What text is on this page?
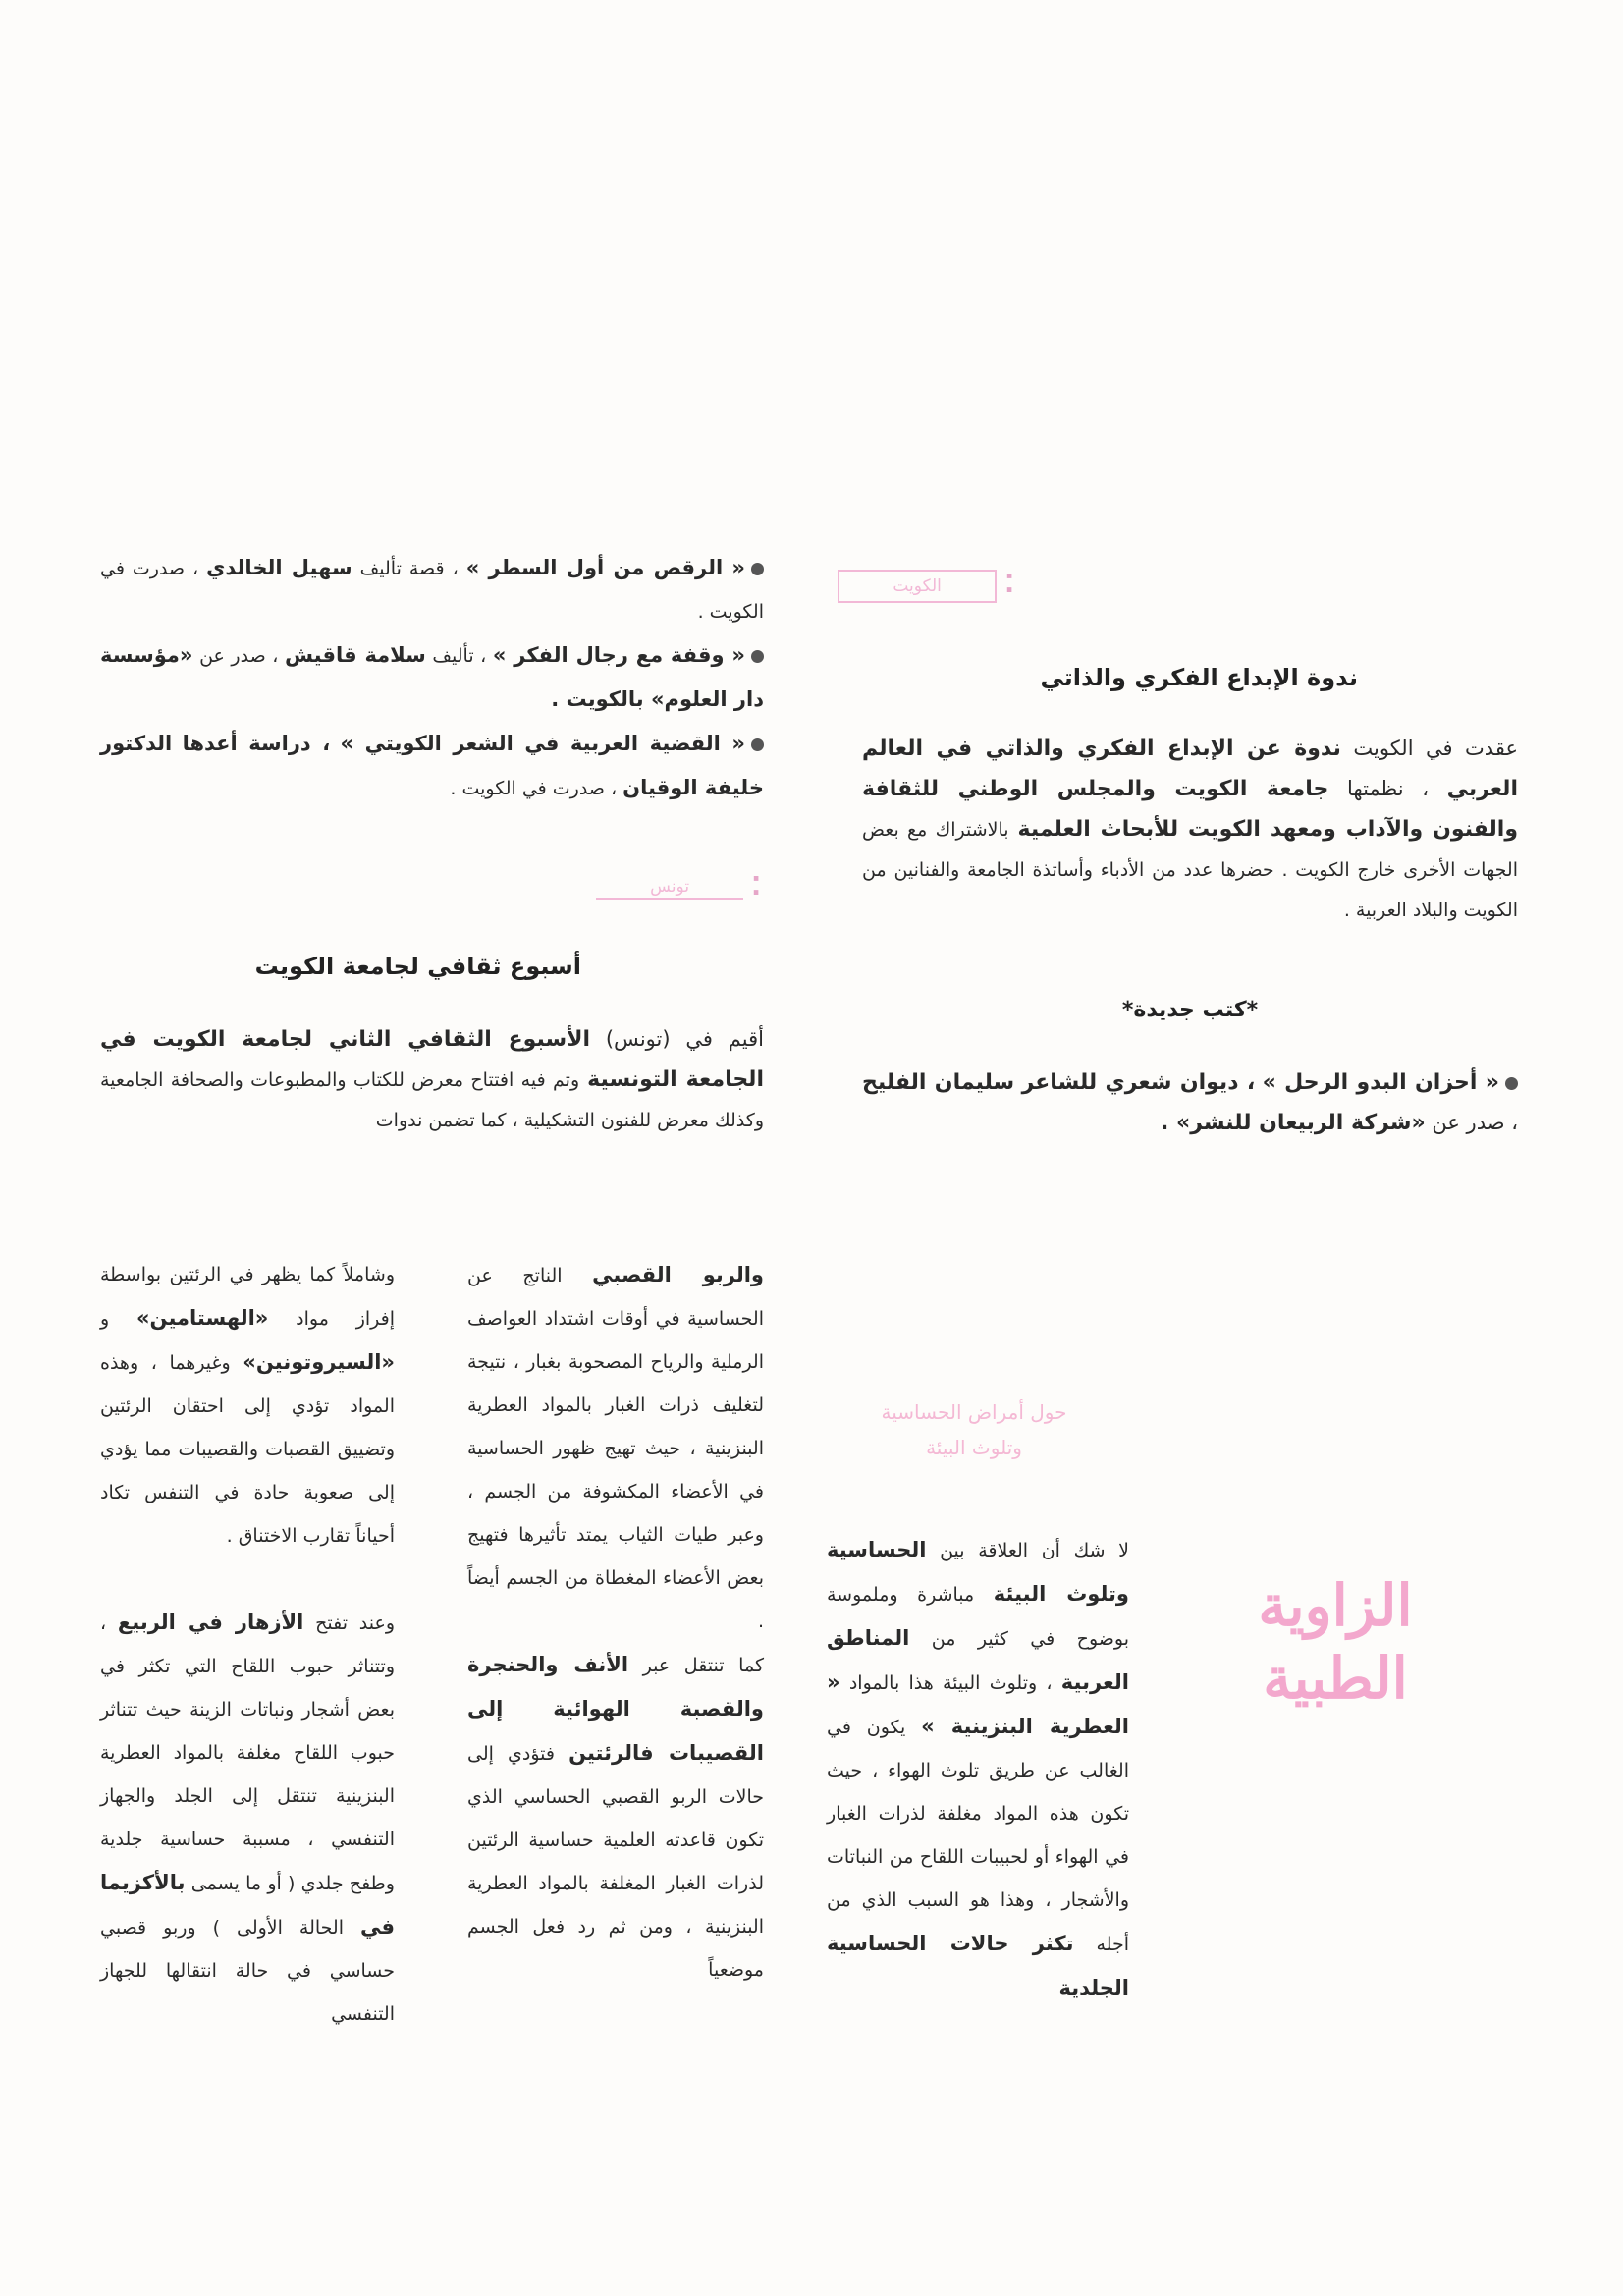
⁚
الكويت
ندوة الإبداع الفكري والذاتي

عقدت في الكويت ندوة عن الإبداع الفكري والذاتي في العالم العربي ، نظمتها جامعة الكويت والمجلس الوطني للثقافة والفنون والآداب ومعهد الكويت للأبحاث العلمية بالاشتراك مع بعض الجهات الأخرى خارج الكويت . حضرها عدد من الأدباء وأساتذة الجامعة والفنانين من الكويت والبلاد العربية .

*كتب جديدة*

« أحزان البدو الرحل » ، ديوان شعري للشاعر سليمان الفليح ، صدر عن «شركة الربيعان للنشر» .

« الرقص من أول السطر » ، قصة تأليف سهيل الخالدي ، صدرت في الكويت .

« وقفة مع رجال الفكر » ، تأليف سلامة قاقيش ، صدر عن «مؤسسة دار العلوم» بالكويت .

« القضية العربية في الشعر الكويتي » ، دراسة أعدها الدكتور خليفة الوقيان ، صدرت في الكويت .

⁚
تونس
أسبوع ثقافي لجامعة الكويت

أقيم في (تونس) الأسبوع الثقافي الثاني لجامعة الكويت في الجامعة التونسية وتم فيه افتتاح معرض للكتاب والمطبوعات والصحافة الجامعية وكذلك معرض للفنون التشكيلية ، كما تضمن ندوات

الزاوية الطبية
حول أمراض الحساسية
وتلوث البيئة

لا شك أن العلاقة بين الحساسية وتلوث البيئة مباشرة وملموسة بوضوح في كثير من المناطق العربية ، وتلوث البيئة هذا بالمواد « العطرية البنزينية » يكون في الغالب عن طريق تلوث الهواء ، حيث تكون هذه المواد مغلفة لذرات الغبار في الهواء أو لحبيبات اللقاح من النباتات والأشجار ، وهذا هو السبب الذي من أجله تكثر حالات الحساسية الجلدية

والربو القصبي الناتج عن الحساسية في أوقات اشتداد العواصف الرملية والرياح المصحوبة بغبار ، نتيجة لتغليف ذرات الغبار بالمواد العطرية البنزينية ، حيث تهيج ظهور الحساسية في الأعضاء المكشوفة من الجسم ، وعبر طيات الثياب يمتد تأثيرها فتهيج بعض الأعضاء المغطاة من الجسم أيضاً .

كما تنتقل عبر الأنف والحنجرة والقصبة الهوائية إلى القصيبات فالرئتين فتؤدي إلى حالات الربو القصبي الحساسي الذي تكون قاعدته العلمية حساسية الرئتين لذرات الغبار المغلفة بالمواد العطرية البنزينية ، ومن ثم رد فعل الجسم موضعياً

وشاملاً كما يظهر في الرئتين بواسطة إفراز مواد «الهستامين» و «السيروتونين» وغيرهما ، وهذه المواد تؤدي إلى احتقان الرئتين وتضييق القصبات والقصيبات مما يؤدي إلى صعوبة حادة في التنفس تكاد أحياناً تقارب الاختناق .

وعند تفتح الأزهار في الربيع ، وتتناثر حبوب اللقاح التي تكثر في بعض أشجار ونباتات الزينة حيث تتناثر حبوب اللقاح مغلفة بالمواد العطرية البنزينية تنتقل إلى الجلد والجهاز التنفسي ، مسببة حساسية جلدية وطفح جلدي ( أو ما يسمى بالأكزيما في الحالة الأولى ) وربو قصبي حساسي في حالة انتقالها للجهاز التنفسي
